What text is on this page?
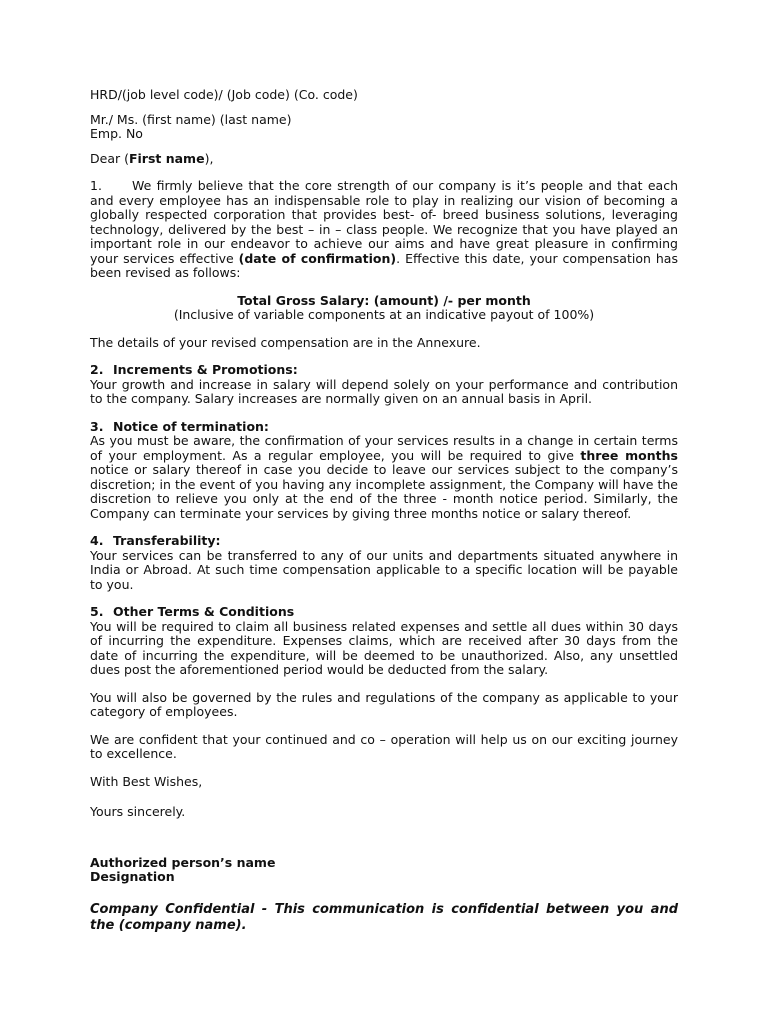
HRD/(job level code)/ (Job code) (Co. code)

Mr./ Ms. (first name) (last name)

Emp. No

Dear (First name),

1. We firmly believe that the core strength of our company is it’s people and that each and every employee has an indispensable role to play in realizing our vision of becoming a globally respected corporation that provides best- of- breed business solutions, leveraging technology, delivered by the best – in – class people. We recognize that you have played an important role in our endeavor to achieve our aims and have great pleasure in confirming your services effective (date of confirmation). Effective this date, your compensation has been revised as follows:

Total Gross Salary: (amount) /- per month

(Inclusive of variable components at an indicative payout of 100%)

The details of your revised compensation are in the Annexure.

2. Increments & Promotions:

Your growth and increase in salary will depend solely on your performance and contribution to the company. Salary increases are normally given on an annual basis in April.

3. Notice of termination:

As you must be aware, the confirmation of your services results in a change in certain terms of your employment. As a regular employee, you will be required to give three months notice or salary thereof in case you decide to leave our services subject to the company’s discretion; in the event of you having any incomplete assignment, the Company will have the discretion to relieve you only at the end of the three - month notice period. Similarly, the Company can terminate your services by giving three months notice or salary thereof.

4. Transferability:

Your services can be transferred to any of our units and departments situated anywhere in India or Abroad. At such time compensation applicable to a specific location will be payable to you.

5. Other Terms & Conditions

You will be required to claim all business related expenses and settle all dues within 30 days of incurring the expenditure. Expenses claims, which are received after 30 days from the date of incurring the expenditure, will be deemed to be unauthorized. Also, any unsettled dues post the aforementioned period would be deducted from the salary.

You will also be governed by the rules and regulations of the company as applicable to your category of employees.

We are confident that your continued and co – operation will help us on our exciting journey to excellence.

With Best Wishes,

Yours sincerely.

Authorized person’s name

Designation

Company Confidential - This communication is confidential between you and the (company name).
